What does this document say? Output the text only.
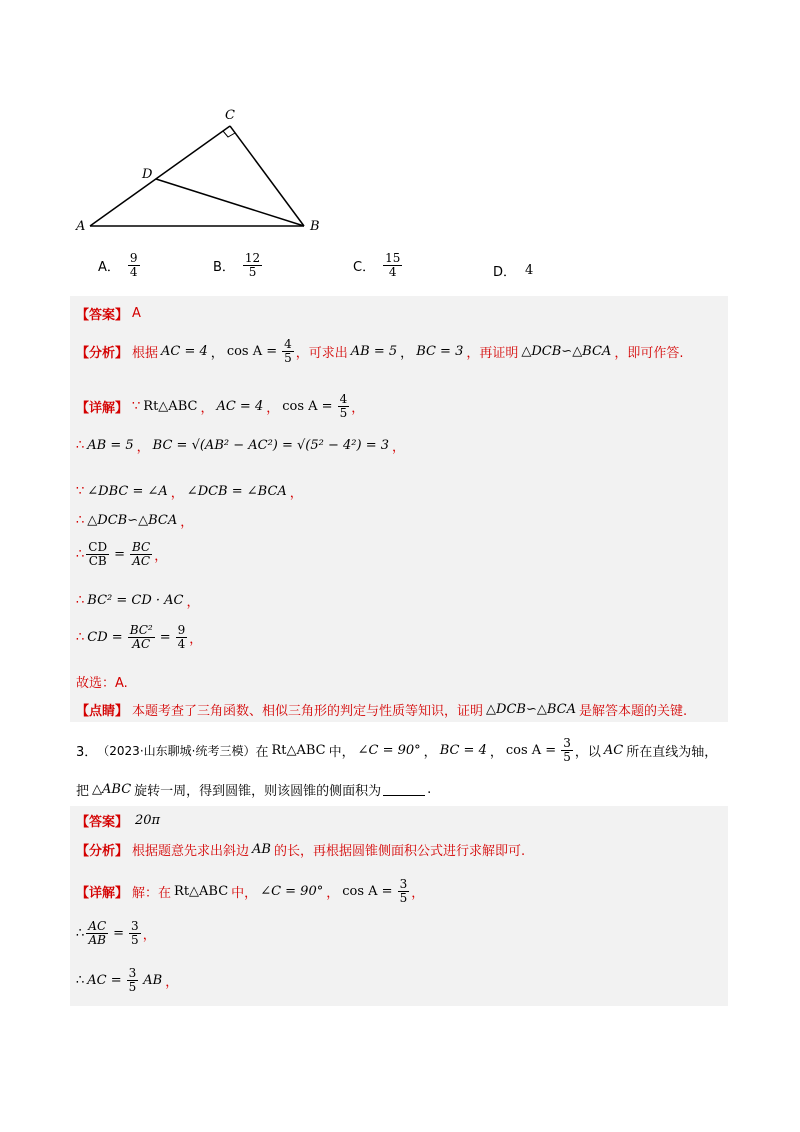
A	B
C
D
A． $\frac{9}{4}$	B． $\frac{12}{5}$	C． $\frac{15}{4}$	D． 4
【答案】 A
【分析】 根据 AC = 4 ， $\cos A = \frac{4}{5}$ ，可求出 AB = 5 ， BC = 3 ，再证明 △DCB∽△BCA ，即可作答.
【详解】 ∵ Rt△ABC ， AC = 4 ， $\cos A = \frac{4}{5}$ ，
∴ AB = 5 ， BC = √(AB² − AC²) = √(5² − 4²) = 3 ，
∵ ∠DBC = ∠A ， ∠DCB = ∠BCA ，
∴ △DCB∽△BCA ，
∴ $\frac{CD}{CB} = \frac{BC}{AC}$ ，
∴ BC² = CD · AC ，
∴ CD = $\frac{\text{BC²}}{AC} = \frac{9}{4}$ ，
故选：A.
【点睛】 本题考查了三角函数、相似三角形的判定与性质等知识，证明 △DCB∽△BCA 是解答本题的关键.
3． （2023·山东聊城·统考三模） 在 Rt△ABC 中， ∠C = 90° ， BC = 4 ， $\cos A = \frac{3}{5}$ ，以 AC 所在直线为轴，
把 △ABC 旋转一周，得到圆锥，则该圆锥的侧面积为	.
【答案】 20π
【分析】 根据题意先求出斜边 AB 的长，再根据圆锥侧面积公式进行求解即可.
【详解】 解：在 Rt△ABC 中， ∠C = 90° ， $\cos A = \frac{3}{5}$ ，
∴ $\frac{AC}{AB} = \frac{3}{5}$ ，
∴ AC = $\frac{3}{5}$ AB ，
